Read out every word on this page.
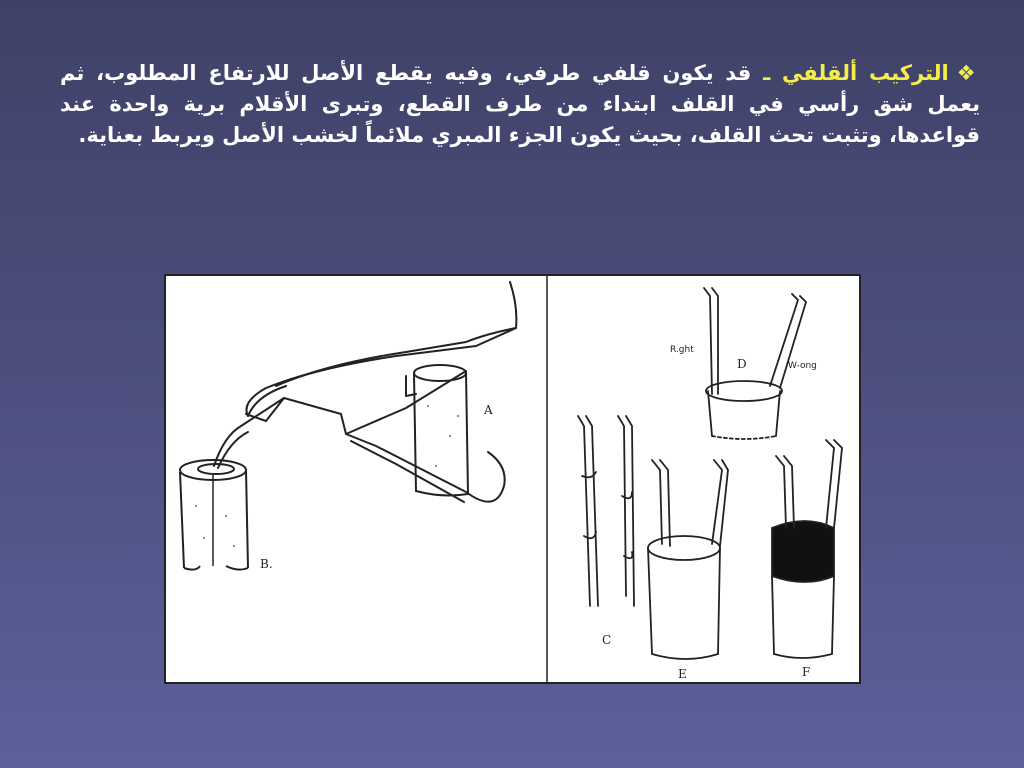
❖التركيب ألقلفي ـ قد يكون قلفي طرفي، وفيه يقطع الأصل للارتفاع المطلوب، ثم يعمل شق رأسي في القلف ابتداء من طرف القطع، وتبرى الأقلام برية واحدة عند قواعدها، وتثبت تحث القلف، بحيث يكون الجزء المبري ملائماً لخشب الأصل ويربط بعناية.
A
B.
R.ght
W-ong
D
C
E	F
